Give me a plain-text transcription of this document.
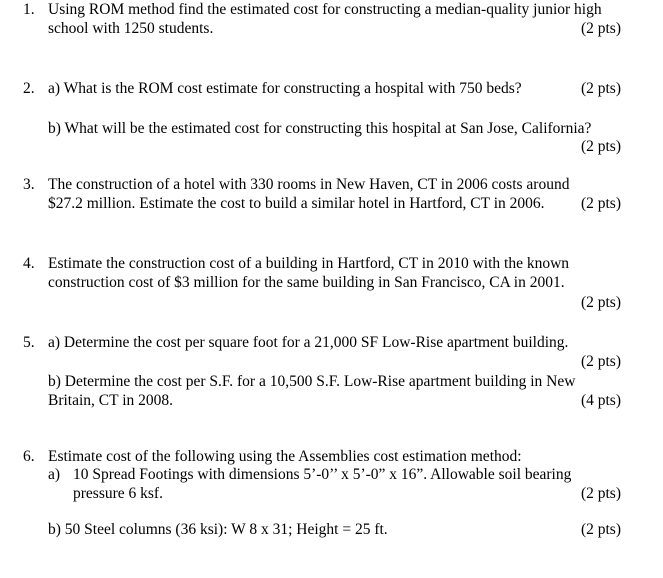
1. Using ROM method find the estimated cost for constructing a median-quality junior high
school with 1250 students.	(2 pts)
2. a) What is the ROM cost estimate for constructing a hospital with 750 beds?	(2 pts)
b) What will be the estimated cost for constructing this hospital at San Jose, California?
(2 pts)
3. The construction of a hotel with 330 rooms in New Haven, CT in 2006 costs around
$27.2 million. Estimate the cost to build a similar hotel in Hartford, CT in 2006. (2 pts)
4. Estimate the construction cost of a building in Hartford, CT in 2010 with the known
construction cost of $3 million for the same building in San Francisco, CA in 2001.
(2 pts)
5. a) Determine the cost per square foot for a 21,000 SF Low-Rise apartment building.
(2 pts)
b) Determine the cost per S.F. for a 10,500 S.F. Low-Rise apartment building in New
Britain, CT in 2008.	(4 pts)
6. Estimate cost of the following using the Assemblies cost estimation method:
a) 10 Spread Footings with dimensions 5’-0’’ x 5’-0” x 16”. Allowable soil bearing
pressure 6 ksf.	(2 pts)
b) 50 Steel columns (36 ksi): W 8 x 31; Height = 25 ft.	(2 pts)
